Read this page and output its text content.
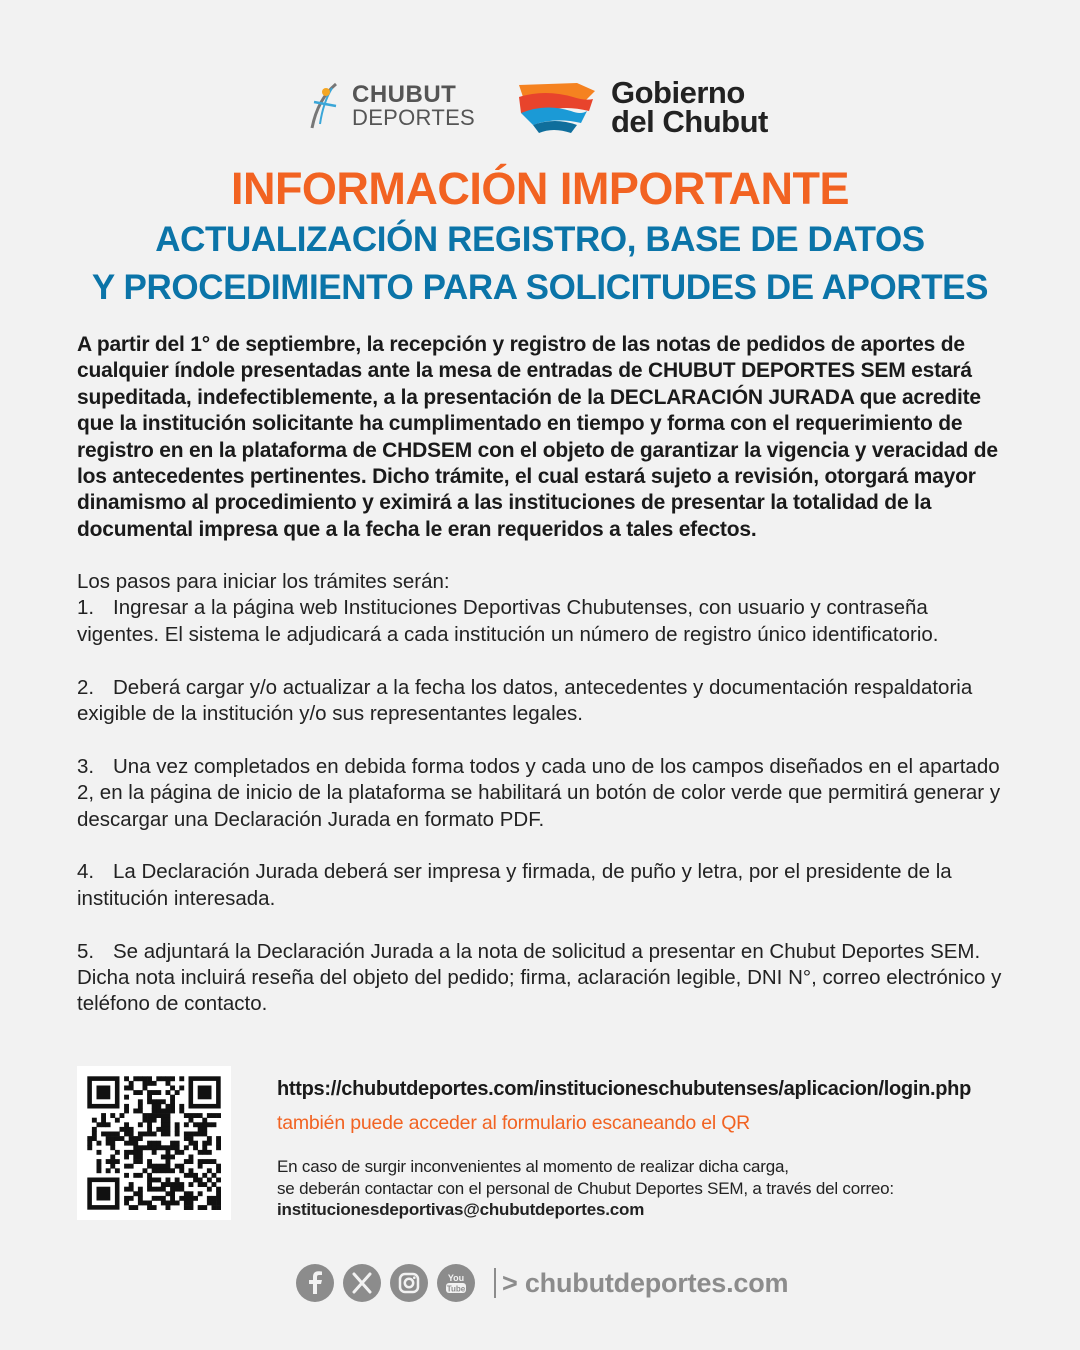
CHUBUT
DEPORTES
Gobierno
del Chubut
INFORMACIÓN IMPORTANTE
ACTUALIZACIÓN REGISTRO, BASE DE DATOS
Y PROCEDIMIENTO PARA SOLICITUDES DE APORTES

A partir del 1° de septiembre, la recepción y registro de las notas de pedidos de aportes de cualquier índole presentadas ante la mesa de entradas de CHUBUT DEPORTES SEM estará supeditada, indefectiblemente, a la presentación de la DECLARACIÓN JURADA que acredite que la institución solicitante ha cumplimentado en tiempo y forma con el requerimiento de registro en en la plataforma de CHDSEM con el objeto de garantizar la vigencia y veracidad de los antecedentes pertinentes. Dicho trámite, el cual estará sujeto a revisión, otorgará mayor dinamismo al procedimiento y eximirá a las instituciones de presentar la totalidad de la documental impresa que a la fecha le eran requeridos a tales efectos.

Los pasos para iniciar los trámites serán:

1. Ingresar a la página web Instituciones Deportivas Chubutenses, con usuario y contraseña vigentes. El sistema le adjudicará a cada institución un número de registro único identificatorio.

2. Deberá cargar y/o actualizar a la fecha los datos, antecedentes y documentación respaldatoria exigible de la institución y/o sus representantes legales.

3. Una vez completados en debida forma todos y cada uno de los campos diseñados en el apartado 2, en la página de inicio de la plataforma se habilitará un botón de color verde que permitirá generar y descargar una Declaración Jurada en formato PDF.

4. La Declaración Jurada deberá ser impresa y firmada, de puño y letra, por el presidente de la institución interesada.

5. Se adjuntará la Declaración Jurada a la nota de solicitud a presentar en Chubut Deportes SEM. Dicha nota incluirá reseña del objeto del pedido; firma, aclaración legible, DNI N°, correo electrónico y teléfono de contacto.

https://chubutdeportes.com/institucioneschubutenses/aplicacion/login.php
también puede acceder al formulario escaneando el QR
En caso de surgir inconvenientes al momento de realizar dicha carga,
se deberán contactar con el personal de Chubut Deportes SEM, a través del correo:
institucionesdeportivas@chubutdeportes.com
You
Tube > chubutdeportes.com
